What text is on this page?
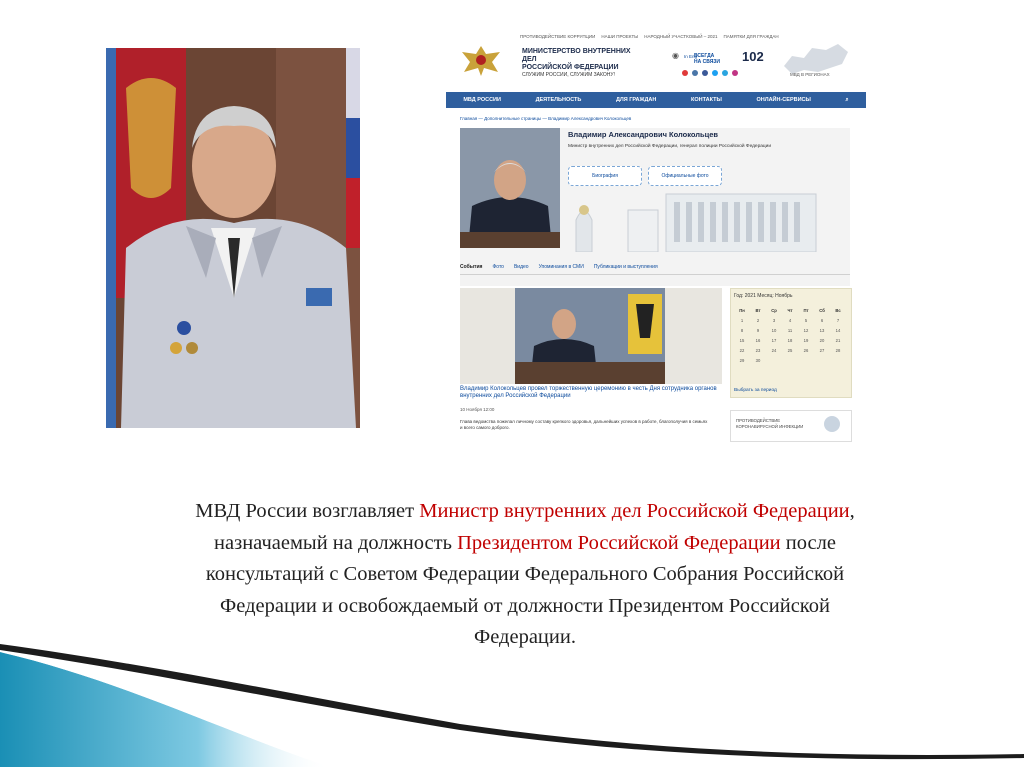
ПРОТИВОДЕЙСТВИЕ КОРРУПЦИИ НАШИ ПРОЕКТЫ НАРОДНЫЙ УЧАСТКОВЫЙ – 2021 ПАМЯТКИ ДЛЯ ГРАЖДАН
МИНИСТЕРСТВО ВНУТРЕННИХ ДЕЛ
РОССИЙСКОЙ ФЕДЕРАЦИИ
СЛУЖИМ РОССИИ, СЛУЖИМ ЗАКОНУ!
◉ In Eng
ВСЕГДА
НА СВЯЗИ	102
МВД В РЕГИОНАХ
МВД РОССИИ	ДЕЯТЕЛЬНОСТЬ	ДЛЯ ГРАЖДАН	КОНТАКТЫ	ОНЛАЙН-СЕРВИСЫ	⌕
Главная — Дополнительные страницы — Владимир Александрович Колокольцев
Владимир Александрович Колокольцев
Министр внутренних дел Российской Федерации, генерал полиции Российской Федерации
Биография	Официальные фото
События Фото Видео Упоминания в СМИ Публикации и выступления
Владимир Колокольцев провел торжественную церемонию в честь Дня сотрудника органов внутренних дел Российской Федерации
10 Ноября 12:00
Глава ведомства пожелал личному составу крепкого здоровья, дальнейших успехов в работе, благополучия в семьях и всего самого доброго.
Год: 2021 Месяц: Ноябрь
Пн	Вт	Ср	Чт	Пт	Сб	Вс
1	2	3	4	5	6	7
8	9	10	11	12	13	14
15	16	17	18	19	20	21
22	23	24	25	26	27	28
29	30
Выбрать за период
ПРОТИВОДЕЙСТВИЕ
КОРОНАВИРУСНОЙ ИНФЕКЦИИ
МВД России возглавляет Министр внутренних дел Российской Федерации, назначаемый на должность Президентом Российской Федерации после консультаций с Советом Федерации Федерального Собрания Российской Федерации и освобождаемый от должности Президентом Российской Федерации.
